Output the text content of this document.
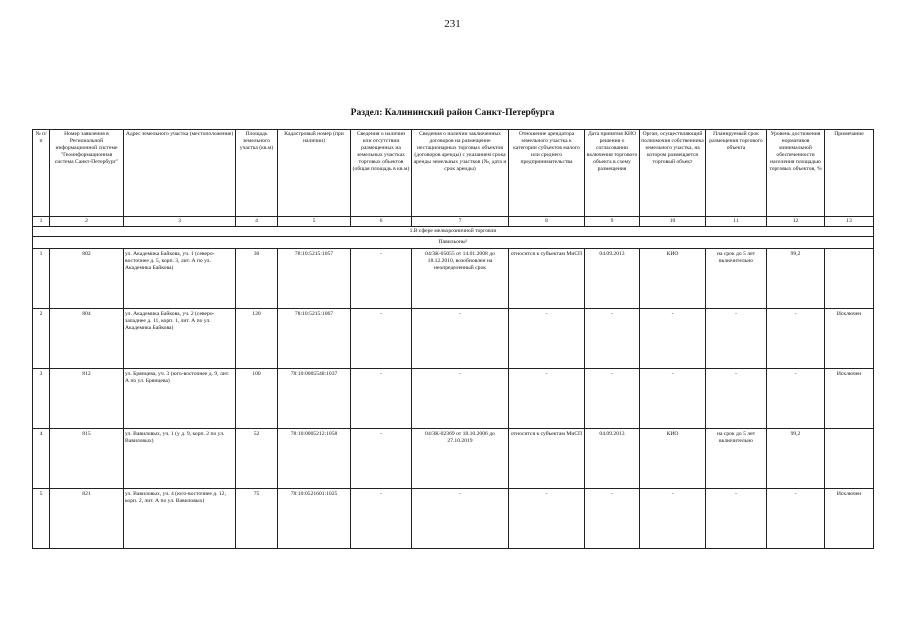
231
Раздел: Калининский район Санкт-Петербурга
№ п/п	Номер заявления в Региональной информационной системе "Геоинформационная система Санкт-Петербург"	Адрес земельного участка (местоположение)	Площадь земельного участка (кв.м)	Кадастровый номер (при наличии)	Сведения о наличии или отсутствии размещенных на земельных участках торговых объектов (общая площадь в кв.м)	Сведения о наличии заключенных договоров на размещение нестационарных торговых объектов (договоров аренды) с указанием срока аренды земельных участков (№, дата и срок аренды)	Отношение арендатора земельного участка к категории субъектов малого или среднего предпринимательства	Дата принятия КИО решения о согласовании включения торгового объекта в схему размещения	Орган, осуществляющий полномочия собственника земельного участка, на котором размещается торговый объект	Планируемый срок размещения торгового объекта	Уровень достижения нормативов минимальной обеспеченности населения площадью торговых объектов, %	Примечание
1	2	3	4	5	6	7	8	9	10	11	12	13
1.В сфере мелкорозничной торговли												
Павильоны²												
1	802	ул. Академика Байкова, уч. 1 (северо-восточнее д. 5, корп. 3, лит. А по ул. Академика Байкова)	30	78:10:5215:1057	-	04/ЗК-05055 от 14.01.2008 до 18.12.2010, возобновлен на неопределенный срок	относится к субъектам МиСП	04.09.2013	КИО	на срок до 5 лет включительно	99,2	
2	804	ул. Академика Байкова, уч. 2 (северо-западнее д. 11, корп. 1, лит. А по ул. Академика Байкова)	120	78:10:5215:1067	-	-	-	-	-	-	-	Исключен
3	812	ул. Брянцева, уч. 3 (юго-восточнее д. 9, лит. А по ул. Брянцева)	100	78:10:0005548:1037	-	-	-	-	-	-	-	Исключен
4	815	ул. Вавиловых, уч. 1 (у д. 9, корп. 2 по ул. Вавиловых)	52	78:10:0005212:1058	-	04/ЗК-02369 от 18.10.2006 до 27.10.2019	относится к субъектам МиСП	04.09.2013	КИО	на срок до 5 лет включительно	99,2	
5	821	ул. Вавиловых, уч. 4 (юго-восточнее д. 12, корп. 2, лит. А по ул. Вавиловых)	75	78:10:0521601:1025	-	-	-	-	-	-	-	Исключен
